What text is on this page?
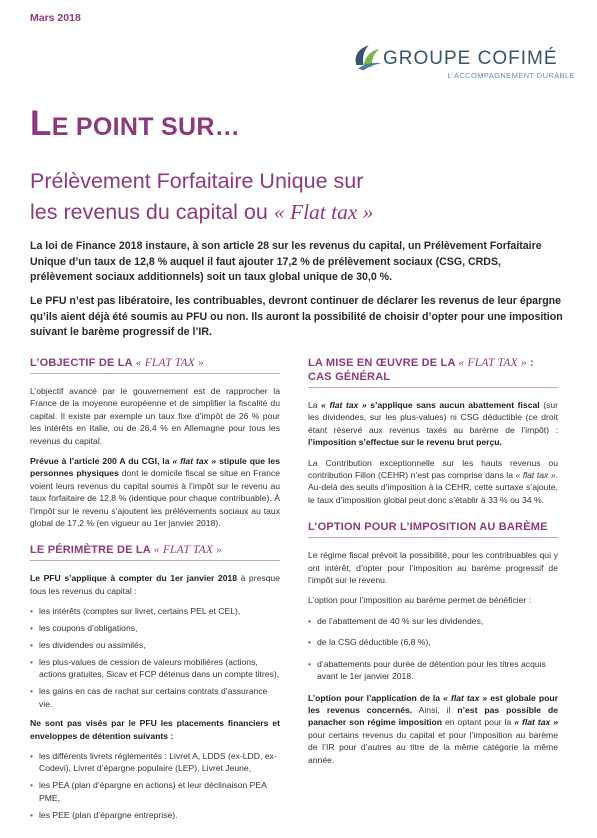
Mars 2018
GROUPE COFIMÉ
L'ACCOMPAGNEMENT DURABLE
LE POINT SUR…
Prélèvement Forfaitaire Unique sur
les revenus du capital ou « Flat tax »

La loi de Finance 2018 instaure, à son article 28 sur les revenus du capital, un Prélèvement Forfaitaire Unique d’un taux de 12,8 % auquel il faut ajouter 17,2 % de prélèvement sociaux (CSG, CRDS, prélèvement sociaux additionnels) soit un taux global unique de 30,0 %.

Le PFU n’est pas libératoire, les contribuables, devront continuer de déclarer les revenus de leur épargne qu’ils aient déjà été soumis au PFU ou non. Ils auront la possibilité de choisir d’opter pour une imposition suivant le barème progressif de l’IR.

L’OBJECTIF DE LA « FLAT TAX »

L’objectif avancé par le gouvernement est de rapprocher la France de la moyenne européenne et de simplifier la fiscalité du capital. Il existe par exemple un taux fixe d’impôt de 26 % pour les intérêts en Italie, ou de 26,4 % en Allemagne pour tous les revenus du capital.

Prévue à l’article 200 A du CGI, la « flat tax » stipule que les personnes physiques dont le domicile fiscal se situe en France voient leurs revenus du capital soumis à l’impôt sur le revenu au taux forfaitaire de 12,8 % (identique pour chaque contribuable). À l’impôt sur le revenu s’ajoutent les prélèvements sociaux au taux global de 17,2 % (en vigueur au 1er janvier 2018).

LE PÉRIMÈTRE DE LA « FLAT TAX »

Le PFU s’applique à compter du 1er janvier 2018 à presque tous les revenus du capital :

• les intérêts (comptes sur livret, certains PEL et CEL),
• les coupons d’obligations,
• les dividendes ou assimilés,
• les plus-values de cession de valeurs mobilières (actions, actions gratuites, Sicav et FCP détenus dans un compte titres),
• les gains en cas de rachat sur certains contrats d’assurance vie.

Ne sont pas visés par le PFU les placements financiers et enveloppes de détention suivants :

• les différents livrets réglementés : Livret A, LDDS (ex-LDD, ex-Codevi), Livret d’épargne populaire (LEP), Livret Jeune,
• les PEA (plan d’épargne en actions) et leur déclinaison PEA PME,
• les PEE (plan d’épargne entreprise).
LA MISE EN ŒUVRE DE LA « FLAT TAX » : CAS GÉNÉRAL

La « flat tax » s’applique sans aucun abattement fiscal (sur les dividendes, sur les plus-values) ni CSG déductible (ce droit étant réservé aux revenus taxés au barème de l’impôt) : l’imposition s’effectue sur le revenu brut perçu.

La Contribution exceptionnelle sur les hauts revenus ou contribution Fillon (CEHR) n’est pas comprise dans la « flat tax ». Au-delà des seuils d’imposition à la CEHR, cette surtaxe s’ajoute, le taux d’imposition global peut donc s’établir à 33 % ou 34 %.

L’OPTION POUR L’IMPOSITION AU BARÈME

Le régime fiscal prévoit la possibilité, pour les contribuables qui y ont intérêt, d’opter pour l’imposition au barème progressif de l’impôt sur le revenu.

L’option pour l’imposition au barème permet de bénéficier :

• de l’abattement de 40 % sur les dividendes,
• de la CSG déductible (6,8 %),
• d’abattements pour durée de détention pour les titres acquis avant le 1er janvier 2018.

L’option pour l’application de la « flat tax » est globale pour les revenus concernés. Ainsi, il n’est pas possible de panacher son régime imposition en optant pour la « flat tax » pour certains revenus du capital et pour l’imposition au barème de l’IR pour d’autres au titre de la même catégorie la même année.
